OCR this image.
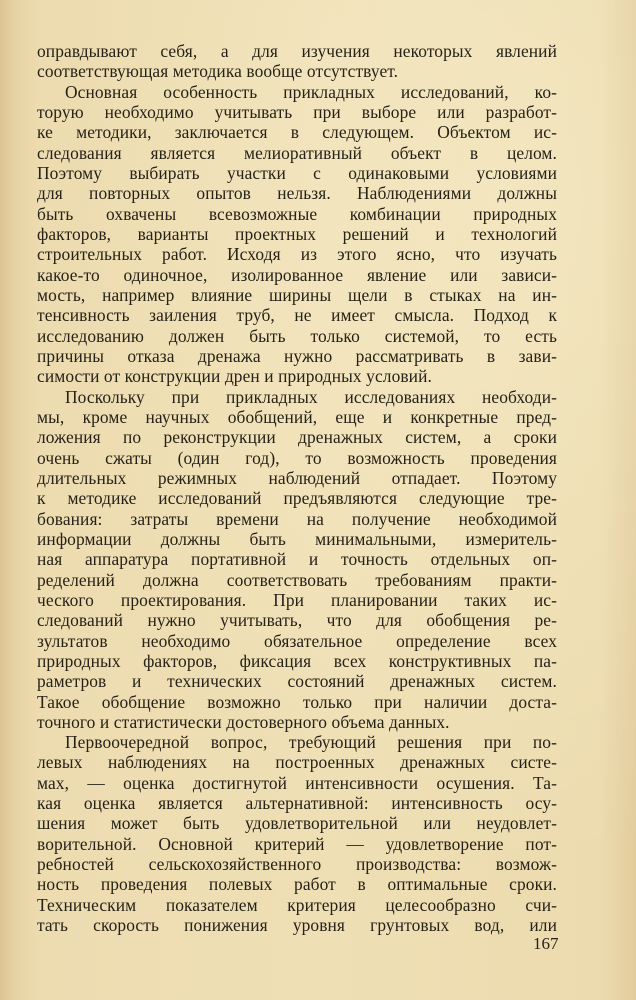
оправдывают себя, а для изучения некоторых явлений
соответствующая методика вообще отсутствует.
Основная особенность прикладных исследований, ко-
торую необходимо учитывать при выборе или разработ-
ке методики, заключается в следующем. Объектом ис-
следования является мелиоративный объект в целом.
Поэтому выбирать участки с одинаковыми условиями
для повторных опытов нельзя. Наблюдениями должны
быть охвачены всевозможные комбинации природных
факторов, варианты проектных решений и технологий
строительных работ. Исходя из этого ясно, что изучать
какое-то одиночное, изолированное явление или зависи-
мость, например влияние ширины щели в стыках на ин-
тенсивность заиления труб, не имеет смысла. Подход к
исследованию должен быть только системой, то есть
причины отказа дренажа нужно рассматривать в зави-
симости от конструкции дрен и природных условий.
Поскольку при прикладных исследованиях необходи-
мы, кроме научных обобщений, еще и конкретные пред-
ложения по реконструкции дренажных систем, а сроки
очень сжаты (один год), то возможность проведения
длительных режимных наблюдений отпадает. Поэтому
к методике исследований предъявляются следующие тре-
бования: затраты времени на получение необходимой
информации должны быть минимальными, измеритель-
ная аппаратура портативной и точность отдельных оп-
ределений должна соответствовать требованиям практи-
ческого проектирования. При планировании таких ис-
следований нужно учитывать, что для обобщения ре-
зультатов необходимо обязательное определение всех
природных факторов, фиксация всех конструктивных па-
раметров и технических состояний дренажных систем.
Такое обобщение возможно только при наличии доста-
точного и статистически достоверного объема данных.
Первоочередной вопрос, требующий решения при по-
левых наблюдениях на построенных дренажных систе-
мах, — оценка достигнутой интенсивности осушения. Та-
кая оценка является альтернативной: интенсивность осу-
шения может быть удовлетворительной или неудовлет-
ворительной. Основной критерий — удовлетворение пот-
ребностей сельскохозяйственного производства: возмож-
ность проведения полевых работ в оптимальные сроки.
Техническим показателем критерия целесообразно счи-
тать скорость понижения уровня грунтовых вод, или
167
